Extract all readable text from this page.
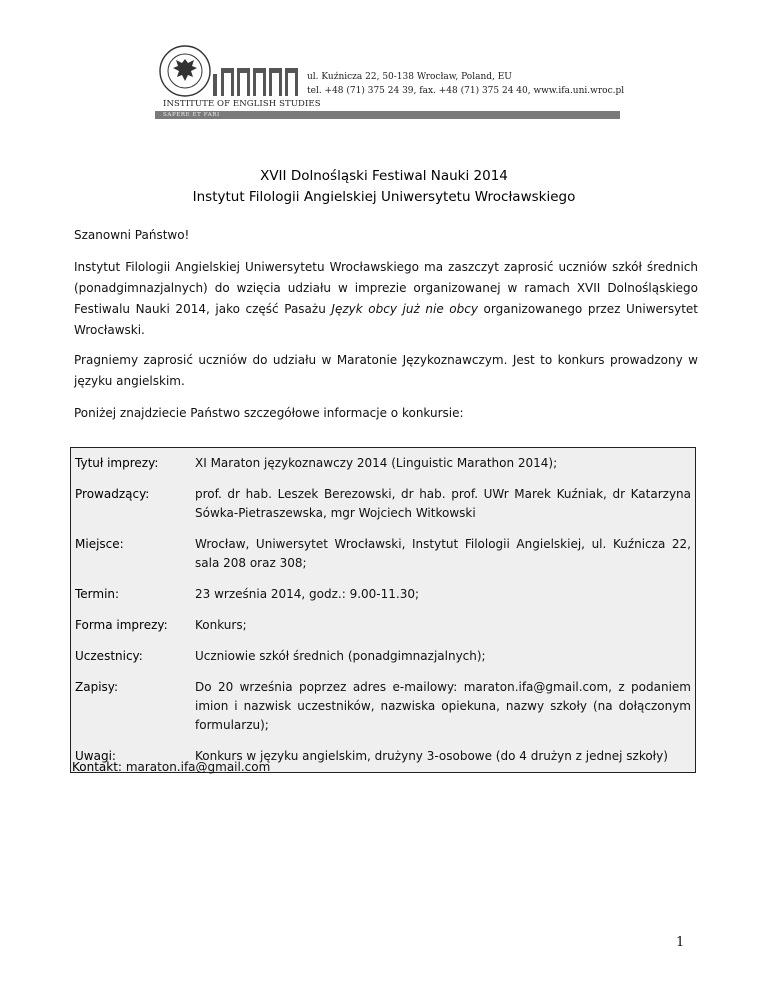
INSTITUTE OF ENGLISH STUDIES
SAPERE ET FARI
ul. Kuźnicza 22, 50-138 Wrocław, Poland, EU
tel. +48 (71) 375 24 39, fax. +48 (71) 375 24 40, www.ifa.uni.wroc.pl
XVII Dolnośląski Festiwal Nauki 2014
Instytut Filologii Angielskiej Uniwersytetu Wrocławskiego
Szanowni Państwo!
Instytut Filologii Angielskiej Uniwersytetu Wrocławskiego ma zaszczyt zaprosić uczniów szkół średnich (ponadgimnazjalnych) do wzięcia udziału w imprezie organizowanej w ramach XVII Dolnośląskiego Festiwalu Nauki 2014, jako część Pasażu Język obcy już nie obcy organizowanego przez Uniwersytet Wrocławski.
Pragniemy zaprosić uczniów do udziału w Maratonie Językoznawczym. Jest to konkurs prowadzony w języku angielskim.
Poniżej znajdziecie Państwo szczegółowe informacje o konkursie:
Tytuł imprezy:	XI Maraton językoznawczy 2014 (Linguistic Marathon 2014);
Prowadzący:	prof. dr hab. Leszek Berezowski, dr hab. prof. UWr Marek Kuźniak, dr Katarzyna Sówka-Pietraszewska, mgr Wojciech Witkowski
Miejsce:	Wrocław, Uniwersytet Wrocławski, Instytut Filologii Angielskiej, ul. Kuźnicza 22, sala 208 oraz 308;
Termin:	23 września 2014, godz.: 9.00-11.30;
Forma imprezy:	Konkurs;
Uczestnicy:	Uczniowie szkół średnich (ponadgimnazjalnych);
Zapisy:	Do 20 września poprzez adres e-mailowy: maraton.ifa@gmail.com, z podaniem imion i nazwisk uczestników, nazwiska opiekuna, nazwy szkoły (na dołączonym formularzu);
Uwagi:	Konkurs w języku angielskim, drużyny 3-osobowe (do 4 drużyn z jednej szkoły)
Kontakt: maraton.ifa@gmail.com
1
